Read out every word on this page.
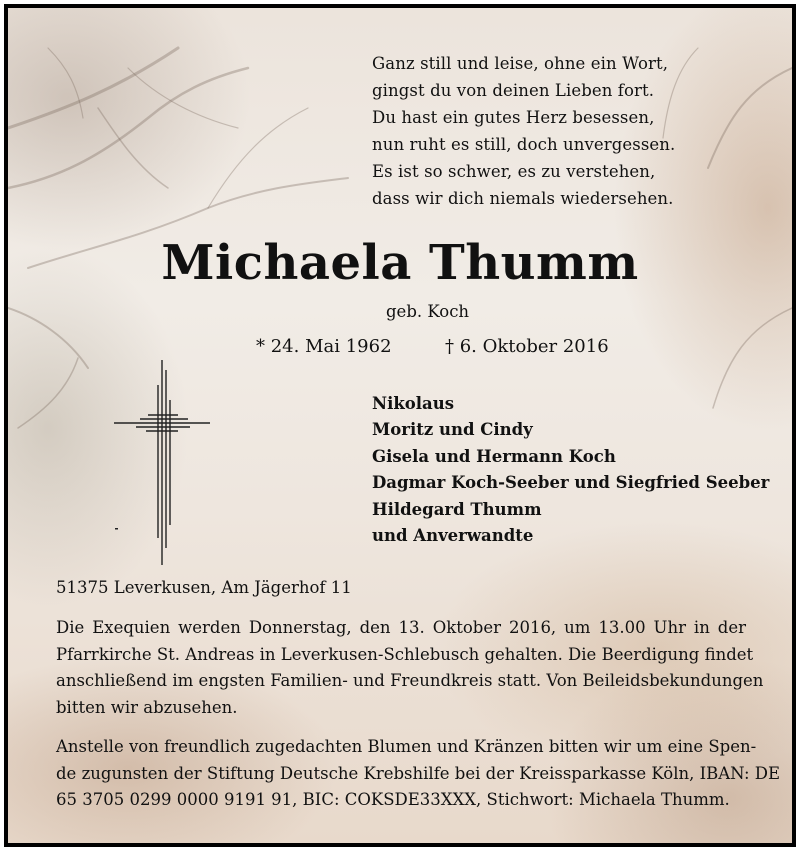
Ganz still und leise, ohne ein Wort,
gingst du von deinen Lieben fort.
Du hast ein gutes Herz besessen,
nun ruht es still, doch unvergessen.
Es ist so schwer, es zu verstehen,
dass wir dich niemals wiedersehen.
Michaela Thumm
geb. Koch
* 24. Mai 1962	† 6. Oktober 2016
Nikolaus
Moritz und Cindy
Gisela und Hermann Koch
Dagmar Koch-Seeber und Siegfried Seeber
Hildegard Thumm
und Anverwandte
51375 Leverkusen, Am Jägerhof 11
Die Exequien werden Donnerstag, den 13. Oktober 2016, um 13.00 Uhr in der
Pfarrkirche St. Andreas in Leverkusen-Schlebusch gehalten. Die Beerdigung findet
anschließend im engsten Familien- und Freundkreis statt. Von Beileidsbekundungen
bitten wir abzusehen.
Anstelle von freundlich zugedachten Blumen und Kränzen bitten wir um eine Spen-
de zugunsten der Stiftung Deutsche Krebshilfe bei der Kreissparkasse Köln, IBAN: DE
65 3705 0299 0000 9191 91, BIC: COKSDE33XXX, Stichwort: Michaela Thumm.
